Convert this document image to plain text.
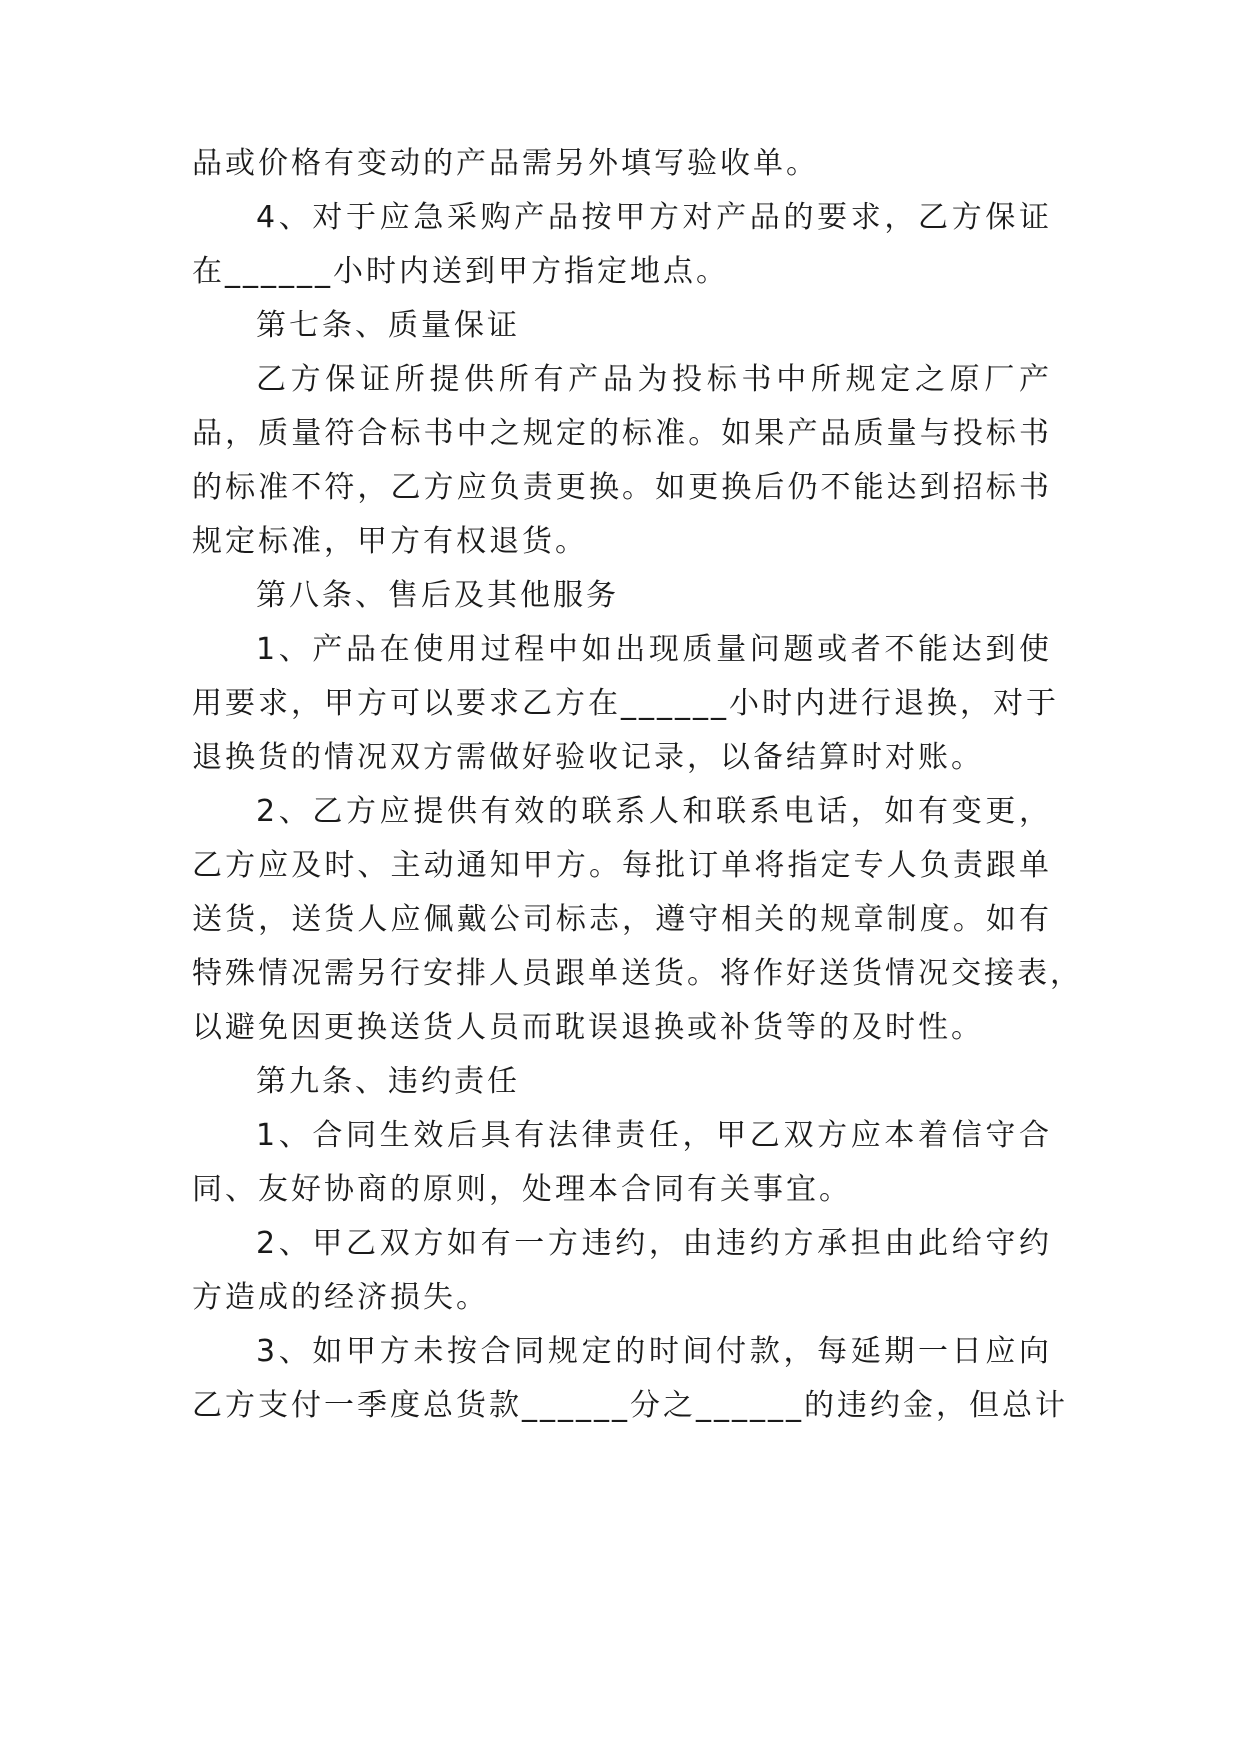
品或价格有变动的产品需另外填写验收单。
4、对于应急采购产品按甲方对产品的要求，乙方保证
在______小时内送到甲方指定地点。
第七条、质量保证
乙方保证所提供所有产品为投标书中所规定之原厂产
品，质量符合标书中之规定的标准。如果产品质量与投标书
的标准不符，乙方应负责更换。如更换后仍不能达到招标书
规定标准，甲方有权退货。
第八条、售后及其他服务
1、产品在使用过程中如出现质量问题或者不能达到使
用要求，甲方可以要求乙方在______小时内进行退换，对于
退换货的情况双方需做好验收记录，以备结算时对账。
2、乙方应提供有效的联系人和联系电话，如有变更，
乙方应及时、主动通知甲方。每批订单将指定专人负责跟单
送货，送货人应佩戴公司标志，遵守相关的规章制度。如有
特殊情况需另行安排人员跟单送货。将作好送货情况交接表，
以避免因更换送货人员而耽误退换或补货等的及时性。
第九条、违约责任
1、合同生效后具有法律责任，甲乙双方应本着信守合
同、友好协商的原则，处理本合同有关事宜。
2、甲乙双方如有一方违约，由违约方承担由此给守约
方造成的经济损失。
3、如甲方未按合同规定的时间付款，每延期一日应向
乙方支付一季度总货款______分之______的违约金，但总计
